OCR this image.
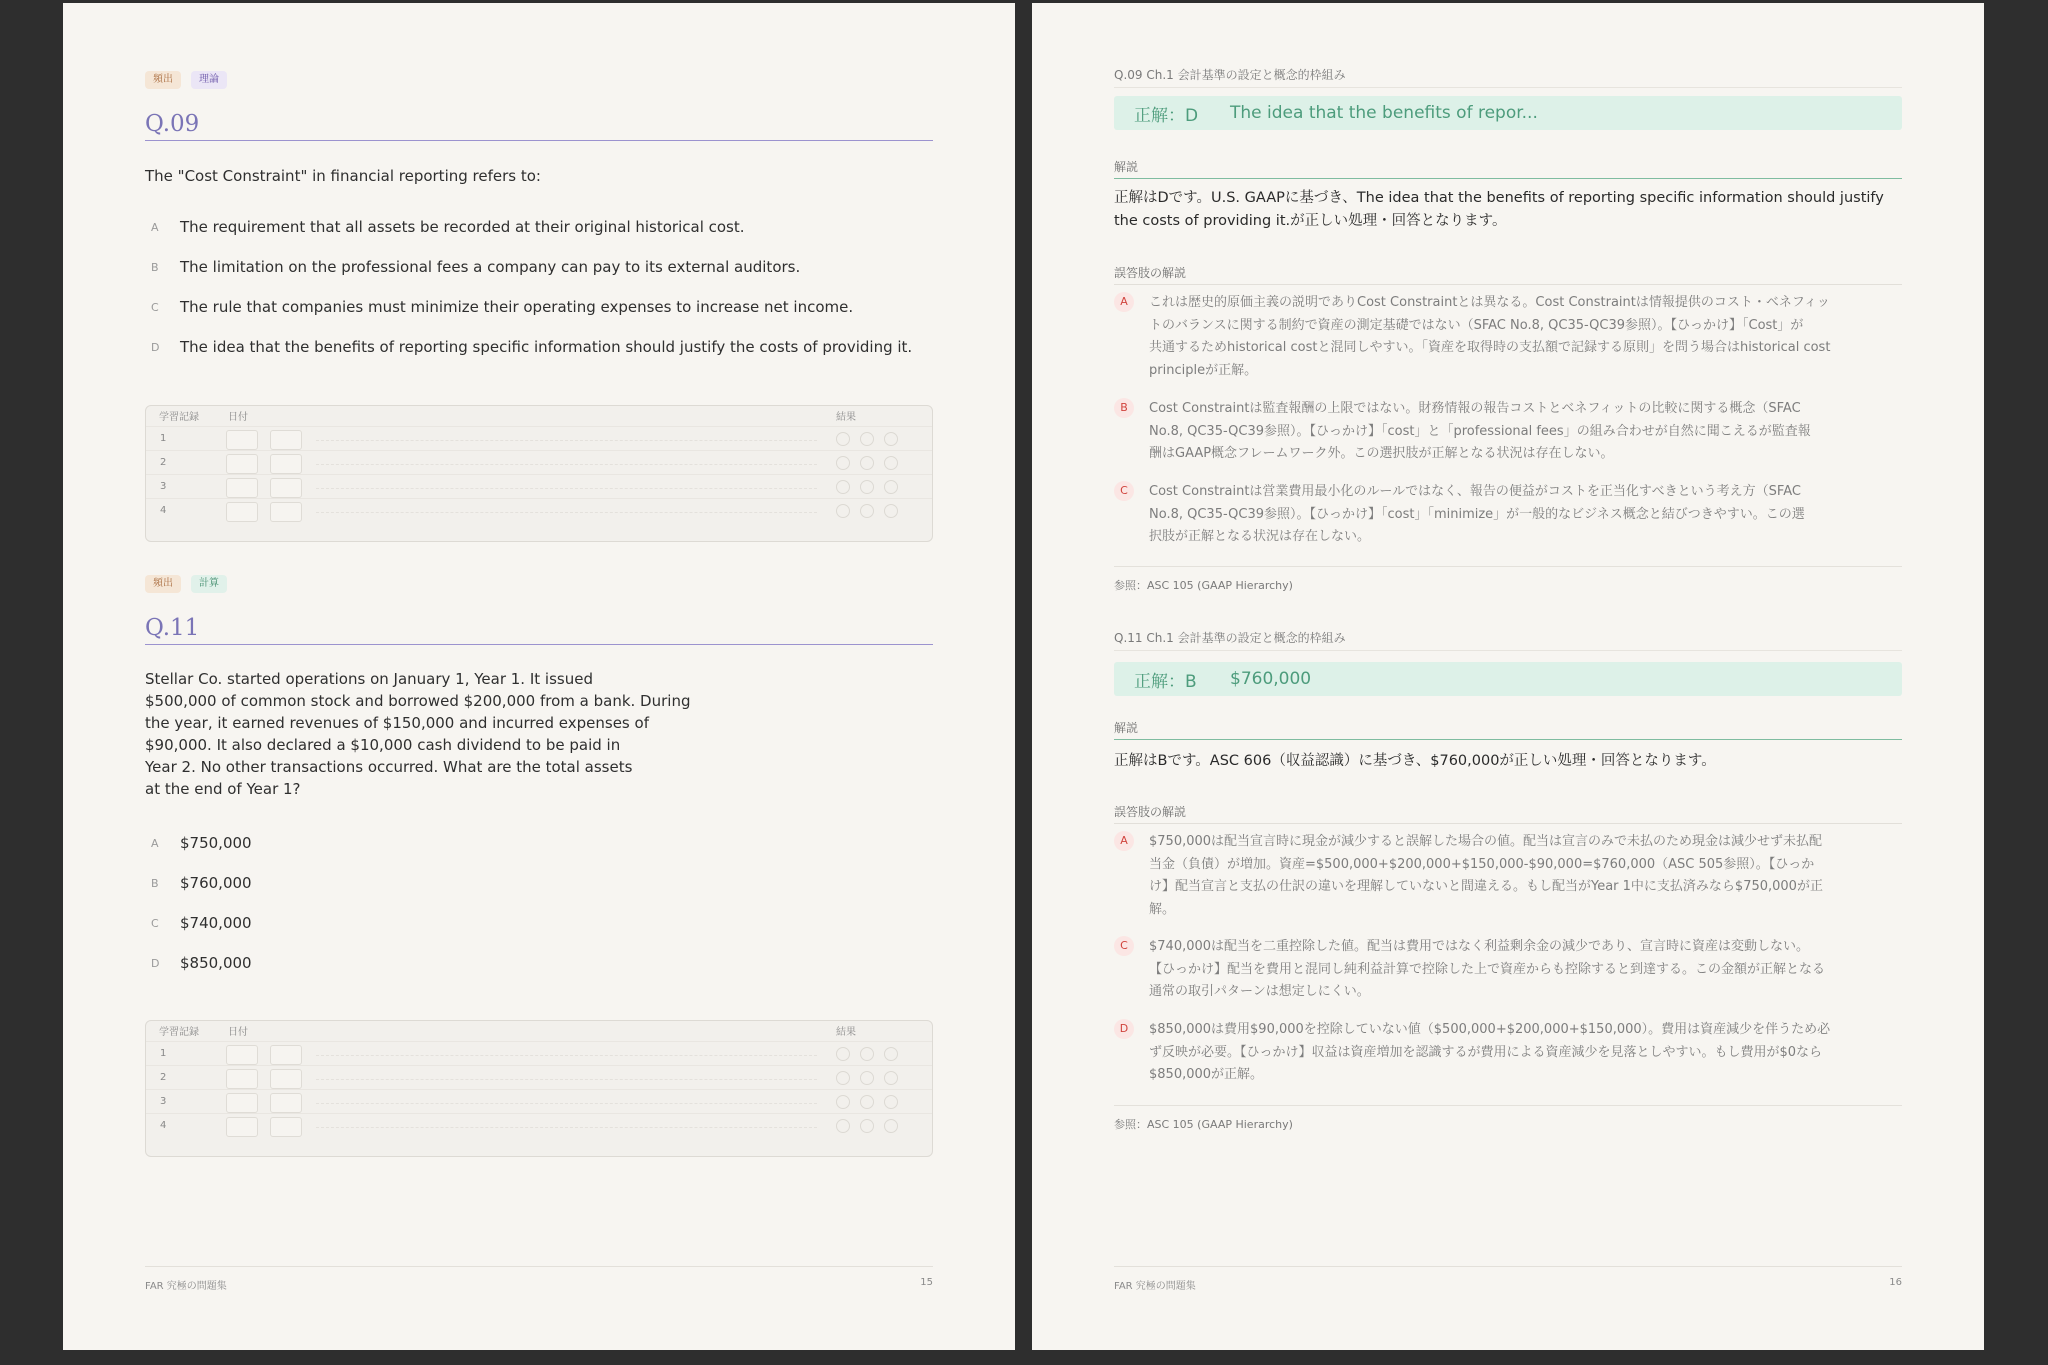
頻出	理論
Q.09
The "Cost Constraint" in financial reporting refers to:
A	The requirement that all assets be recorded at their original historical cost.
B	The limitation on the professional fees a company can pay to its external auditors.
C	The rule that companies must minimize their operating expenses to increase net income.
D	The idea that the benefits of reporting specific information should justify the costs of providing it.
学習記録	日付	結果
1
2
3
4
頻出	計算
Q.11
Stellar Co. started operations on January 1, Year 1. It issued
$500,000 of common stock and borrowed $200,000 from a bank. During
the year, it earned revenues of $150,000 and incurred expenses of
$90,000. It also declared a $10,000 cash dividend to be paid in
Year 2. No other transactions occurred. What are the total assets
at the end of Year 1?
A	$750,000
B	$760,000
C	$740,000
D	$850,000
学習記録	日付	結果
1
2
3
4
FAR 究極の問題集	15
Q.09 Ch.1 会計基準の設定と概念的枠組み
正解：D	The idea that the benefits of repor...
解説
正解はDです。U.S. GAAPに基づき、The idea that the benefits of reporting specific information should justify
the costs of providing it.が正しい処理・回答となります。
誤答肢の解説
A	これは歴史的原価主義の説明でありCost Constraintとは異なる。Cost Constraintは情報提供のコスト・ベネフィッ
トのバランスに関する制約で資産の測定基礎ではない（SFAC No.8, QC35-QC39参照）。【ひっかけ】「Cost」が
共通するためhistorical costと混同しやすい。「資産を取得時の支払額で記録する原則」を問う場合はhistorical cost
principleが正解。
B	Cost Constraintは監査報酬の上限ではない。財務情報の報告コストとベネフィットの比較に関する概念（SFAC
No.8, QC35-QC39参照）。【ひっかけ】「cost」と「professional fees」の組み合わせが自然に聞こえるが監査報
酬はGAAP概念フレームワーク外。この選択肢が正解となる状況は存在しない。
C	Cost Constraintは営業費用最小化のルールではなく、報告の便益がコストを正当化すべきという考え方（SFAC
No.8, QC35-QC39参照）。【ひっかけ】「cost」「minimize」が一般的なビジネス概念と結びつきやすい。この選
択肢が正解となる状況は存在しない。
参照：ASC 105 (GAAP Hierarchy)
Q.11 Ch.1 会計基準の設定と概念的枠組み
正解：B	$760,000
解説
正解はBです。ASC 606（収益認識）に基づき、$760,000が正しい処理・回答となります。
誤答肢の解説
A	$750,000は配当宣言時に現金が減少すると誤解した場合の値。配当は宣言のみで未払のため現金は減少せず未払配
当金（負債）が増加。資産=$500,000+$200,000+$150,000-$90,000=$760,000（ASC 505参照）。【ひっか
け】配当宣言と支払の仕訳の違いを理解していないと間違える。もし配当がYear 1中に支払済みなら$750,000が正
解。
C	$740,000は配当を二重控除した値。配当は費用ではなく利益剰余金の減少であり、宣言時に資産は変動しない。
【ひっかけ】配当を費用と混同し純利益計算で控除した上で資産からも控除すると到達する。この金額が正解となる
通常の取引パターンは想定しにくい。
D	$850,000は費用$90,000を控除していない値（$500,000+$200,000+$150,000）。費用は資産減少を伴うため必
ず反映が必要。【ひっかけ】収益は資産増加を認識するが費用による資産減少を見落としやすい。もし費用が$0なら
$850,000が正解。
参照：ASC 105 (GAAP Hierarchy)
FAR 究極の問題集	16
